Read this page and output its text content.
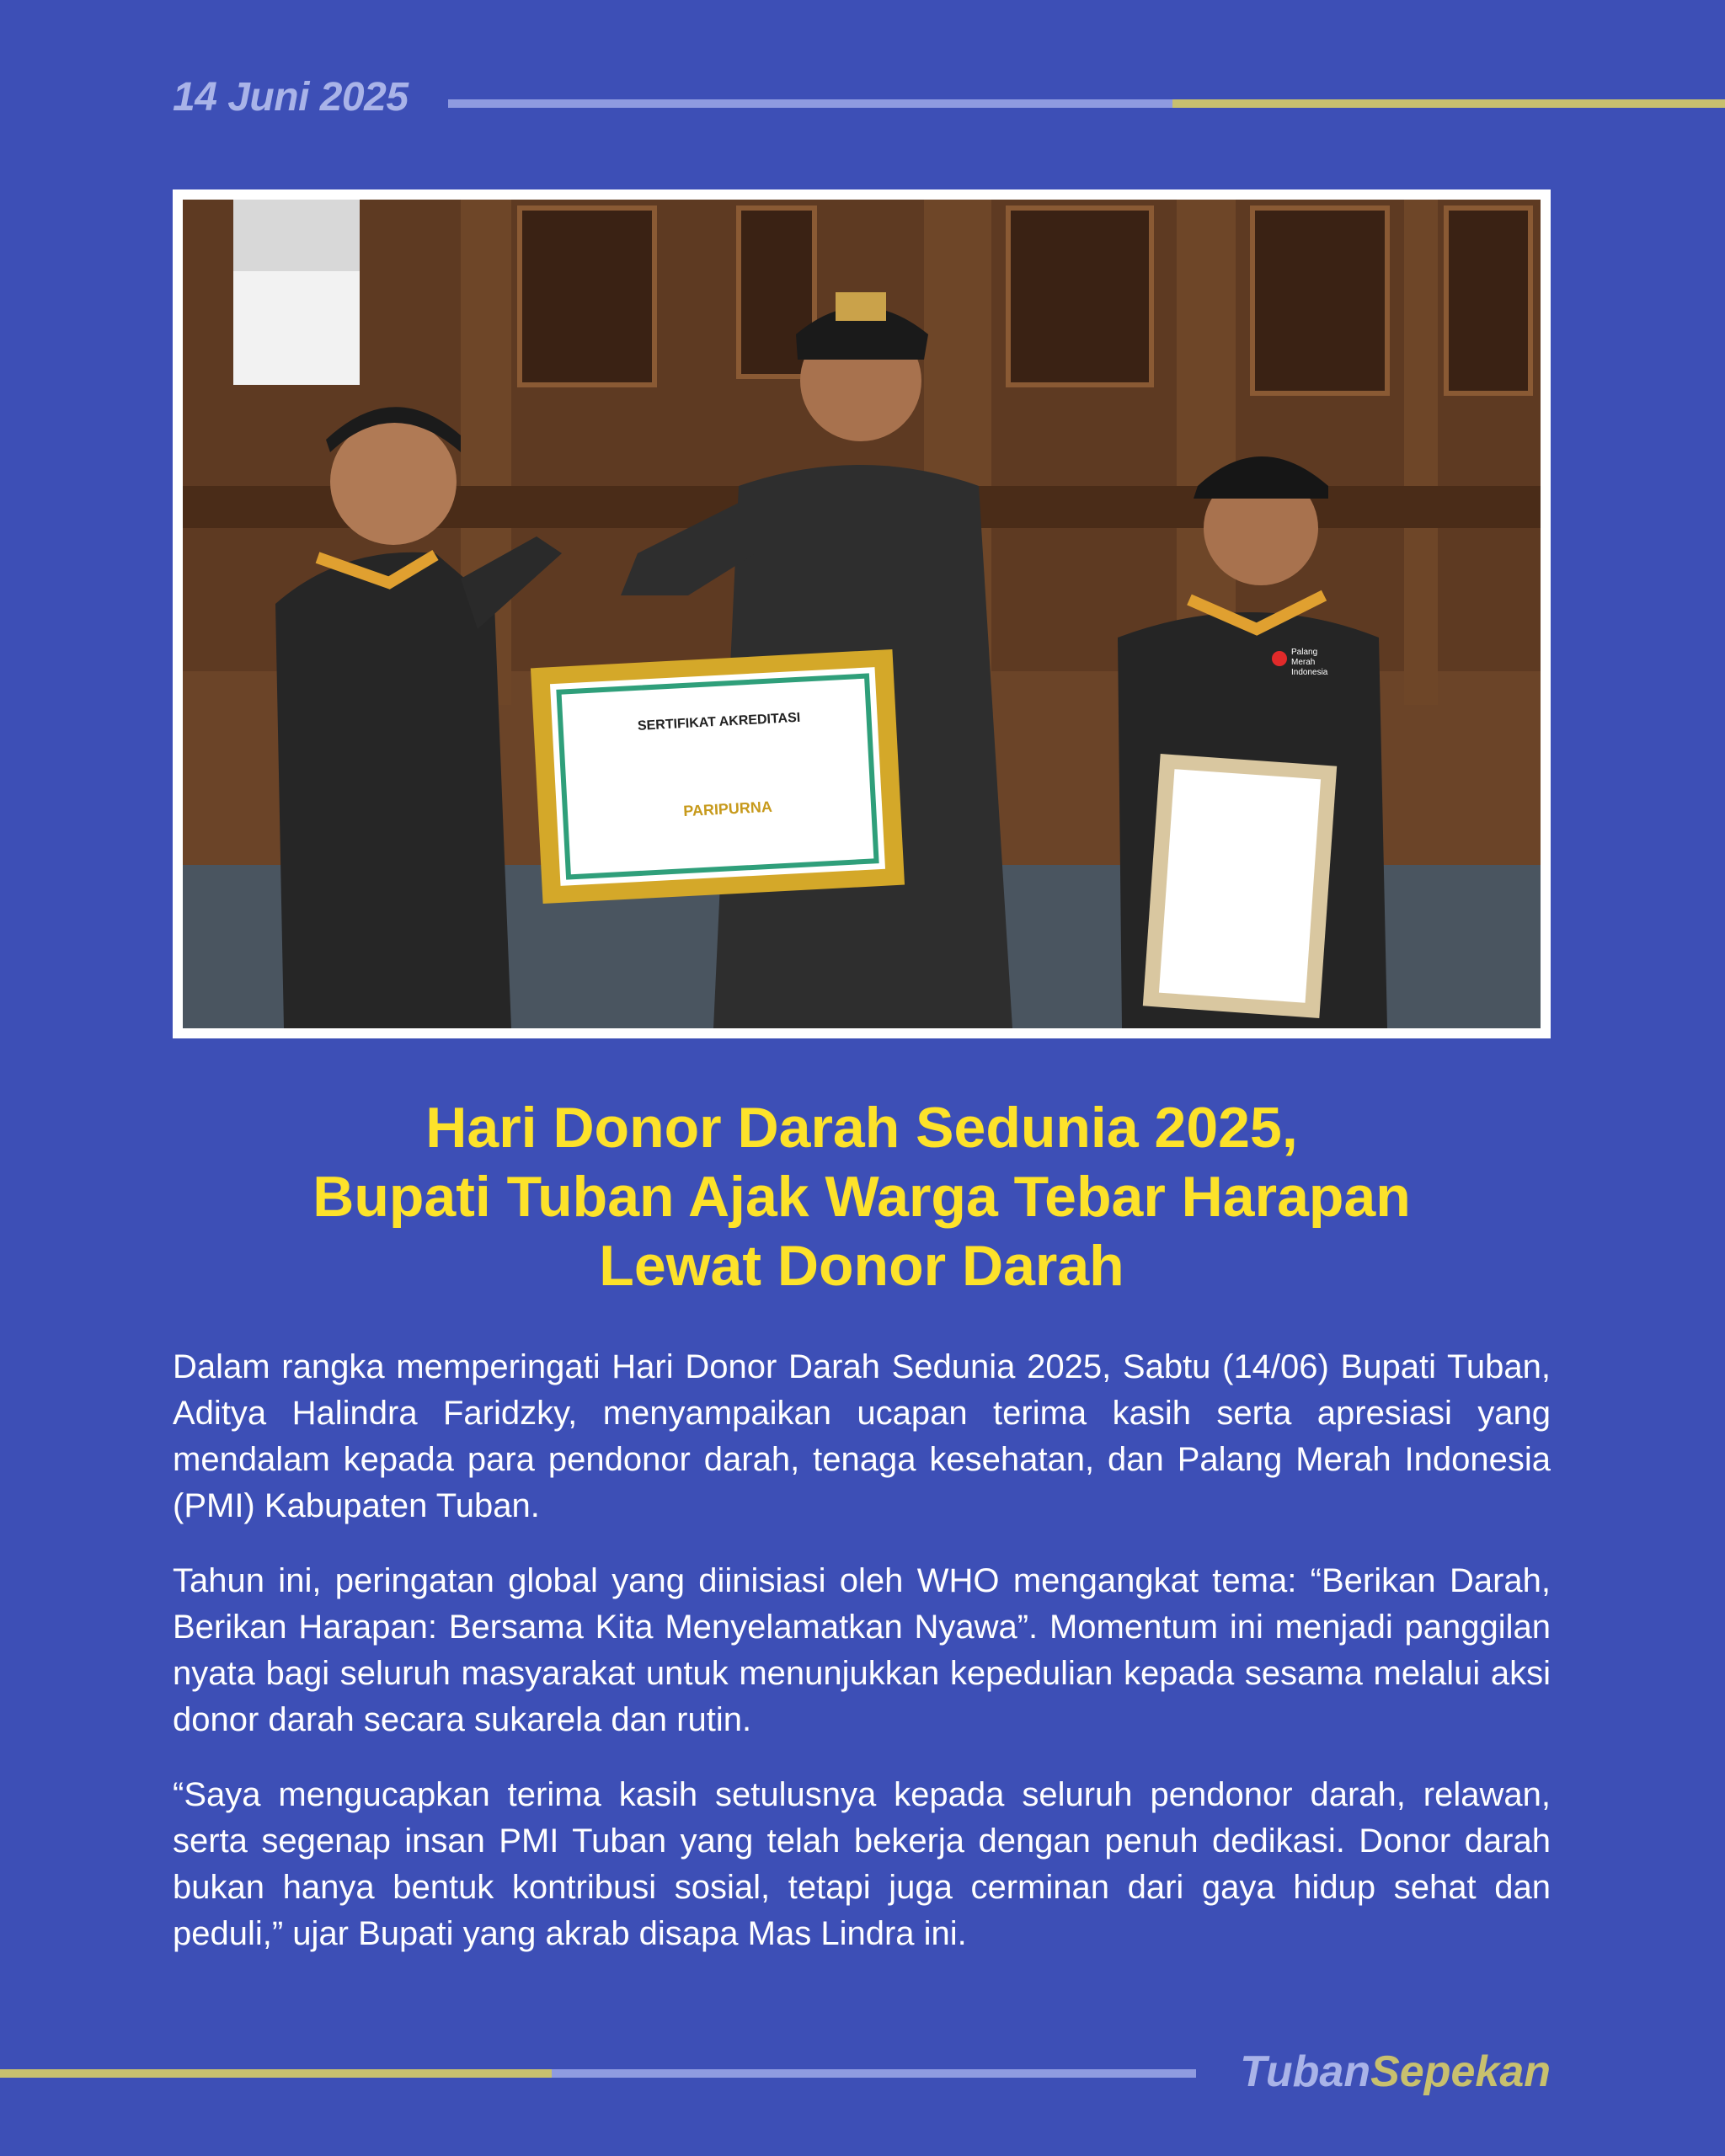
14 Juni 2025
SERTIFIKAT AKREDITASI
PARIPURNA
Palang
Merah
Indonesia
Hari Donor Darah Sedunia 2025,
Bupati Tuban Ajak Warga Tebar Harapan
Lewat Donor Darah

Dalam rangka memperingati Hari Donor Darah Sedunia 2025, Sabtu (14/06) Bupati Tuban, Aditya Halindra Faridzky, menyampaikan ucapan terima kasih serta apresiasi yang mendalam kepada para pendonor darah, tenaga kesehatan, dan Palang Merah Indonesia (PMI) Kabupaten Tuban.

Tahun ini, peringatan global yang diinisiasi oleh WHO mengangkat tema: “Berikan Darah, Berikan Harapan: Bersama Kita Menyelamatkan Nyawa”. Momentum ini menjadi panggilan nyata bagi seluruh masyarakat untuk menunjukkan kepedulian kepada sesama melalui aksi donor darah secara sukarela dan rutin.

“Saya mengucapkan terima kasih setulusnya kepada seluruh pendonor darah, relawan, serta segenap insan PMI Tuban yang telah bekerja dengan penuh dedikasi. Donor darah bukan hanya bentuk kontribusi sosial, tetapi juga cerminan dari gaya hidup sehat dan peduli,” ujar Bupati yang akrab disapa Mas Lindra ini.

TubanSepekan
